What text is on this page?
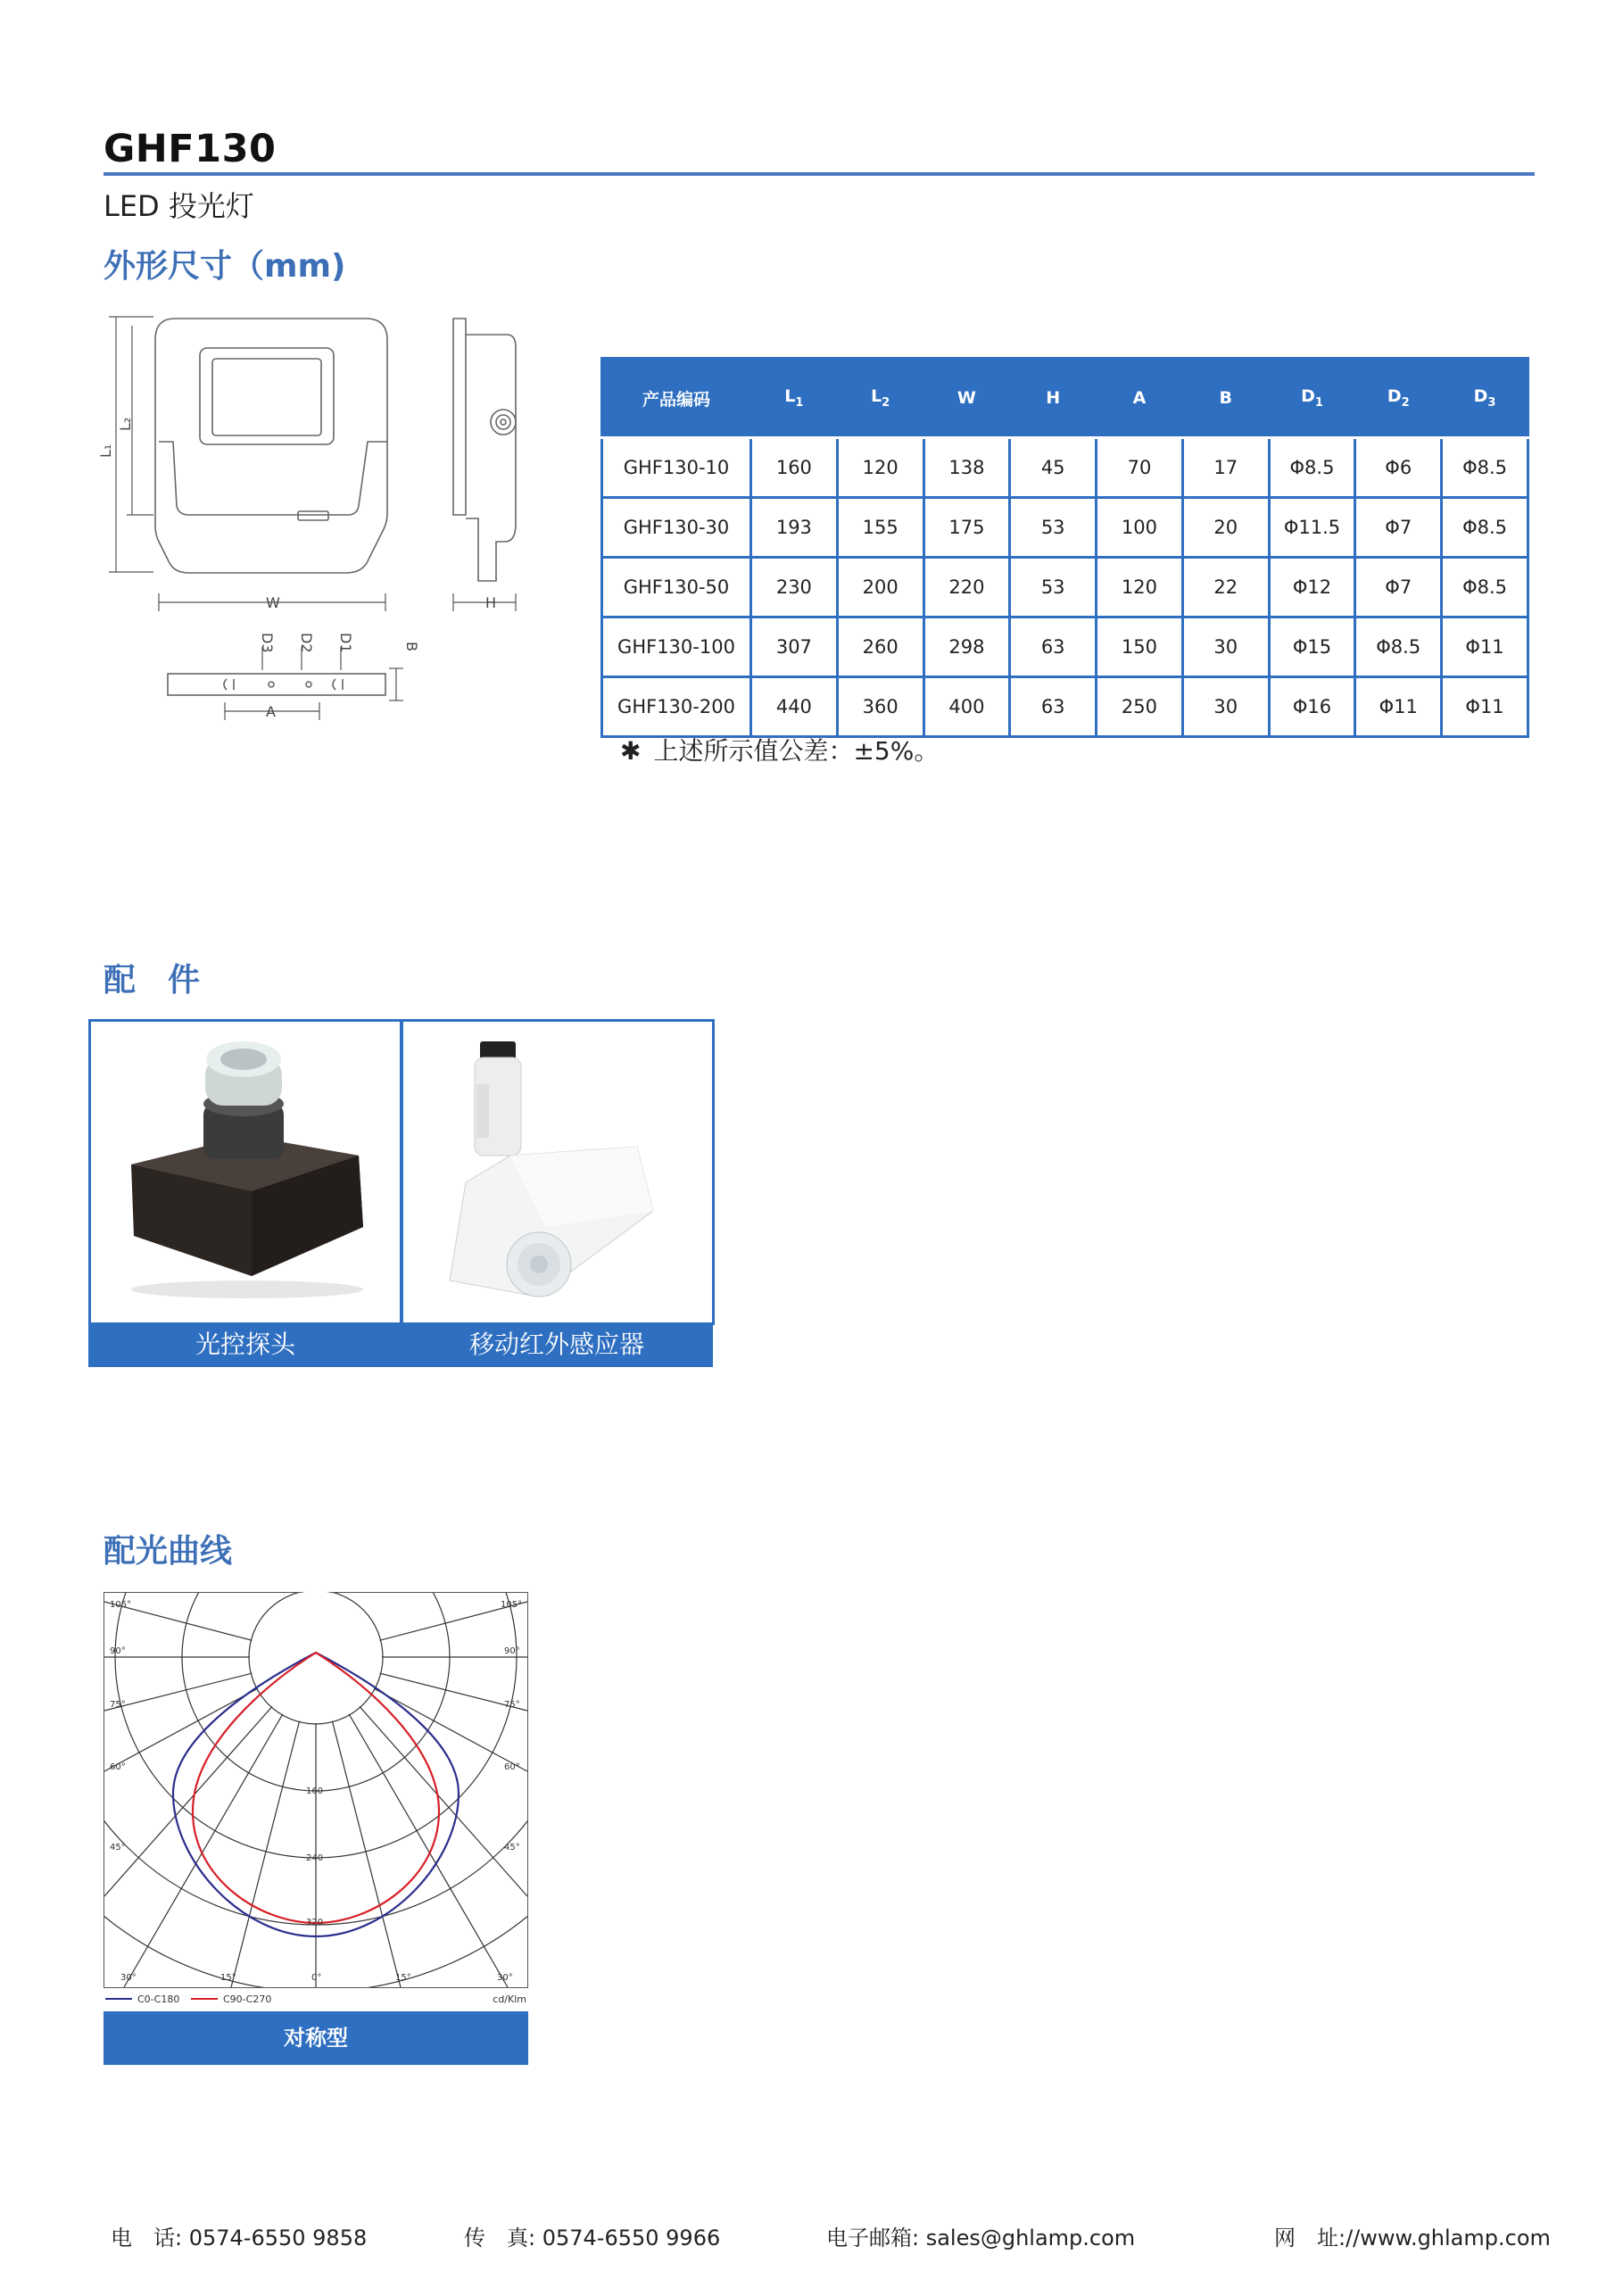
GHF130
LED 投光灯
外形尺寸（mm)
L₁
L₂
W	H
D3 D2 D1	B
A
产品编码	$L_1$	$L_2$	W	H	A	B	$D_1$	$D_2$	$D_3$
GHF130-10	160	120	138	45	70	17	Φ8.5	Φ6	Φ8.5
GHF130-30	193	155	175	53	100	20	Φ11.5	Φ7	Φ8.5
GHF130-50	230	200	220	53	120	22	Φ12	Φ7	Φ8.5
GHF130-100	307	260	298	63	150	30	Φ15	Φ8.5	Φ11
GHF130-200	440	360	400	63	250	30	Φ16	Φ11	Φ11
✱ 上述所示值公差：±5%。
配　件
光控探头	移动红外感应器
配光曲线
105°
90°
75°
60°
45°
105°
90°
75°
60°
45°
30°	15°	0°	15°	30°
160
240
320
C0-C180	C90-C270	cd/Klm
对称型
电　话: 0574-6550 9858	传　真: 0574-6550 9966	电子邮箱: sales@ghlamp.com	网　址://www.ghlamp.com
